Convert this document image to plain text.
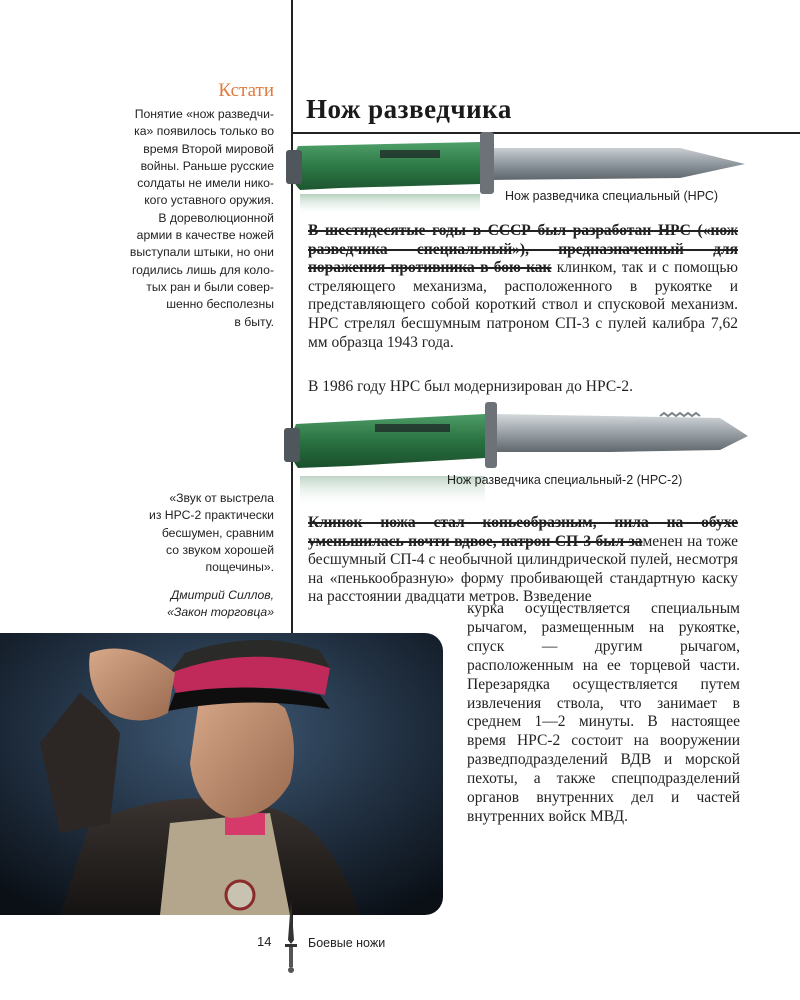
Кстати
Понятие «нож разведчи-
ка» появилось только во
время Второй мировой
войны. Раньше русские
солдаты не имели нико-
кого уставного оружия.
В дореволюционной
армии в качестве ножей
выступали штыки, но они
годились лишь для коло-
тых ран и были совер-
шенно бесполезны
в быту.
«Звук от выстрела
из НРС-2 практически
бесшумен, сравним
со звуком хорошей
пощечины».
Дмитрий Силлов,
«Закон торговца»
Нож разведчика
Нож разведчика специальный (НРС)
В шестидесятые годы в СССР был разработан НРС («нож разведчика специальный»), предназначенный для поражения противника в бою как клинком, так и с помощью стреляющего механизма, расположенного в рукоятке и представляющего собой короткий ствол и спусковой механизм. НРС стрелял бесшумным патроном СП-3 с пулей калибра 7,62 мм образца 1943 года.
В 1986 году НРС был модернизирован до НРС-2.
Нож разведчика специальный-2 (НРС-2)
Клинок ножа стал копьеобразным, пила на обухе уменьшилась почти вдвое, патрон СП-3 был заменен на тоже бесшумный СП-4 с необычной цилиндрической пулей, несмотря на «пенькообразную» форму пробивающей стандартную каску на расстоянии двадцати метров. Взведение
курка осуществляется специальным рычагом, размещенным на рукоятке, спуск — другим рычагом, расположенным на ее торцевой части. Перезарядка осуществляется путем извлечения ствола, что занимает в среднем 1—2 минуты. В настоящее время НРС-2 состоит на вооружении разведподразделений ВДВ и морской пехоты, а также спецподразделений органов внутренних дел и частей внутренних войск МВД.
14	Боевые ножи
